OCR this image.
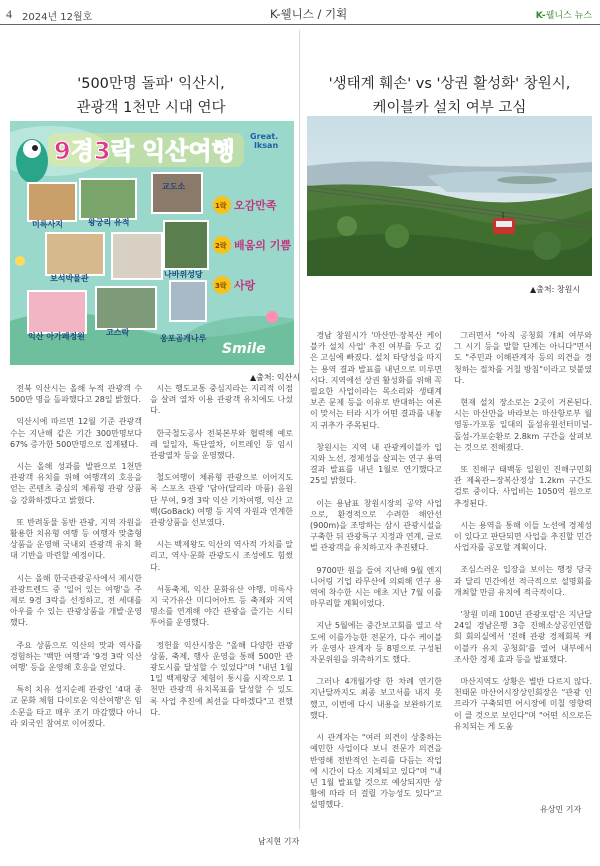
4 2024년 12월호	K-웰니스 / 기획	K-웰니스 뉴스
'500만명 돌파' 익산시,
관광객 1천만 시대 연다
9경3락 익산여행
Great.
Iksan
미륵사지	왕궁리 유적
보석박물관
교도소
나바위성당
익산 아가페정원	고스락
웅포곰개나루
1락 오감만족
2락 배움의 기쁨
3락 사랑
Smile
▲출처: 익산시

전북 익산시는 올해 누적 관광객 수 500만 명을 돌파했다고 28일 밝혔다.

익산시에 따르면 12월 기준 관광객 수는 지난해 같은 기간 300만명보다 67% 증가한 500만명으로 집계됐다.

시는 올해 성과를 발판으로 1천만 관광객 유치를 위해 여행객의 호응을 얻는 콘텐츠 중심의 체류형 관광 상품을 강화하겠다고 밝혔다.

또 반려동물 동반 관광, 지역 자원을 활용한 치유형 여행 등 여행자 맞춤형 상품을 운영해 국내외 관광객 유치 확대 기반을 마련할 예정이다.

시는 올해 한국관광공사에서 제시한 관광트렌드 중 '일어 있는 여행'을 주제로 9경 3락을 선정하고, 전 세대를 아우를 수 있는 관광상품을 개발·운영했다.

주요 상품으로 익산의 맛과 역사를 경험하는 '백만 여행'과 '9경 3락 익산여행' 등을 운영해 호응을 얻었다.

특히 치유 성지순례 관광인 '4대 종교 문화 체험 다이로운 익산여행'은 임소문을 타고 매우 조기 마감했다 아니라 외국인 참여로 이어졌다.

시는 행도교통 중심지라는 지리적 이점을 살려 열차 이용 관광객 유치에도 나섰다.

한국철도공사 전북본부와 협력해 예로레 일일자, 특단열차, 이트레인 등 임시 관광열차 등을 운영했다.

철도여행이 체류형 관광으로 이어지도록 스포츠 관광 '담아(달리라 마품) 음원단 부여, 9경 3락 익산 기차여행, 익산 고백(GoBack) 여행 등 지역 자원과 연계한 관광상품을 선보였다.

시는 백제왕도 익산의 역사적 가치를 알리고, 역사·문화 관광도시 조성에도 힘썼다.

서동축제, 익산 문화유산 야행, 미륵사지 국가유산 미디어아트 등 축제와 지역 명소를 연계해 야간 관광을 즐기는 시티투어를 운영했다.

정헌율 익산시장은 "올해 다양한 관광상품, 축제, 행사 운영을 통해 500만 관광도시를 달성할 수 있었다"며 "내년 1월 1일 백제왕궁 체험이 통시를 시작으로 1천만 관광객 유치목표를 달성할 수 있도록 사업 추진에 최선을 다하겠다"고 전했다.

남지현 기자
'생태계 훼손' vs '상권 활성화' 창원시,
케이블카 설치 여부 고심
▲출처: 창원시

경남 창원시가 '마산만·장복산 케이블카 설치 사업' 추진 여부를 두고 깊은 고심에 빠졌다. 설치 타당성을 따지는 용역 결과 발표를 내년으로 미루면서다. 지역에선 상권 활성화를 위해 꼭 필요한 사업이라는 목소리와 생태계 보존 문제 등을 이유로 반대하는 여론이 맞서는 터라 시가 어떤 결과를 내놓지 귀추가 주목된다.

창원시는 지역 내 관광케이블카 입지와 노선, 경제성을 살피는 연구 용역 결과 발표를 내년 1월로 연기했다고 25일 밝혔다.

이는 용남표 창원시장의 공약 사업으로, 환경적으로 수려한 해안선(900m)을 조망하는 삼시 관광시설을 구축한 뒤 관광특구 지정과 연계, 글로벌 관광객을 유치하고자 추진됐다.

9700만 원을 들여 지난해 9월 엔지니어링 기업 라무산에 의뢰해 연구 용역에 착수한 시는 애초 지난 7월 이를 마무리할 계획이었다.

지난 5월에는 중간보고회를 열고 삭도에 이를가능한 전문가, 다수 케이블카 운영사 관계자 등 8명으로 구성된 자문위원을 위촉하기도 했다.

그러나 4개월가량 한 차례 연기한 지난달까지도 최종 보고서를 내지 못했고, 이번에 다시 내용을 보완하기로 했다.

시 관계자는 "여러 의견이 상충하는 예민한 사업이다 보니 전문가 의견을 반영해 전반적인 논리를 다듬는 작업에 시간이 다소 지체되고 있다"며 "내년 1월 발표할 것으로 예상되지만 상황에 따라 더 걸릴 가능성도 있다"고 설명했다.

그러면서 "아직 공청회 개최 여부와 그 시기 등을 말할 단계는 아니다"면서도 "주민과 이해관계자 등의 의견을 경청하는 절차를 거칠 방침"이라고 덧붙였다.

현재 설치 장소로는 2곳이 거론된다. 시는 마산만을 바라보는 마산항로부 월영동-가포동 일대의 돌섬유원선터미널-돌섬-가포순환로 2.8km 구간을 살펴보는 것으로 전해졌다.

또 진해구 태백동 일원인 진해구민회관 제육관~장복산정상 1.2km 구간도 검토 중이다. 사업비는 1050억 원으로 추정된다.

시는 용역을 통해 이들 노선에 경제성이 있다고 판단되면 사업을 추진할 민간사업자를 공모할 계획이다.

조심스러운 입장을 보이는 행정 당국과 달리 민간에선 적극적으로 설명회를 개최할 만큼 유치에 적극적이다.

'창원 미래 100년 관광포럼'은 지난달 24일 경남은행 3층 진해소상공인연합회 회의실에서 '진해 관광 경제회복 케이블카 유치 공청회'를 열어 내부에서 조사한 경제 효과 등을 발표했다.

마산지역도 상황은 별반 다르지 않다. 천태문 마산어시장상인회장은 "관광 인프라가 구축되면 어시장에 미칠 영향력이 클 것으로 보인다"며 "어떤 식으로든 유치되는 게 도움

유상민 기자
